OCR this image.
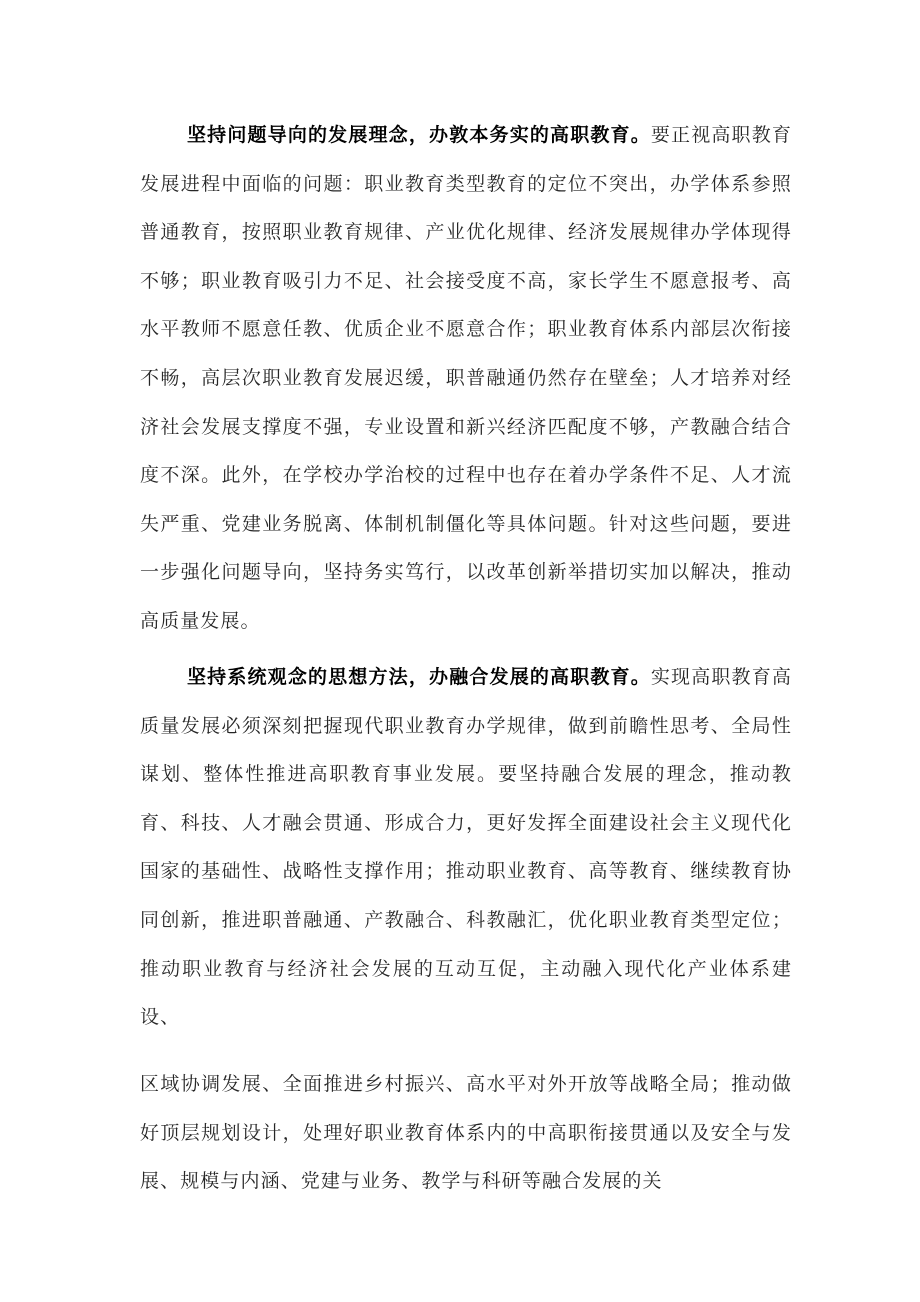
坚持问题导向的发展理念，办敦本务实的高职教育。要正视高职教育发展进程中面临的问题：职业教育类型教育的定位不突出，办学体系参照普通教育，按照职业教育规律、产业优化规律、经济发展规律办学体现得不够；职业教育吸引力不足、社会接受度不高，家长学生不愿意报考、高水平教师不愿意任教、优质企业不愿意合作；职业教育体系内部层次衔接不畅，高层次职业教育发展迟缓，职普融通仍然存在壁垒；人才培养对经济社会发展支撑度不强，专业设置和新兴经济匹配度不够，产教融合结合度不深。此外，在学校办学治校的过程中也存在着办学条件不足、人才流失严重、党建业务脱离、体制机制僵化等具体问题。针对这些问题，要进一步强化问题导向，坚持务实笃行，以改革创新举措切实加以解决，推动高质量发展。

坚持系统观念的思想方法，办融合发展的高职教育。实现高职教育高质量发展必须深刻把握现代职业教育办学规律，做到前瞻性思考、全局性谋划、整体性推进高职教育事业发展。要坚持融合发展的理念，推动教育、科技、人才融会贯通、形成合力，更好发挥全面建设社会主义现代化国家的基础性、战略性支撑作用；推动职业教育、高等教育、继续教育协同创新，推进职普融通、产教融合、科教融汇，优化职业教育类型定位；推动职业教育与经济社会发展的互动互促，主动融入现代化产业体系建设、

区域协调发展、全面推进乡村振兴、高水平对外开放等战略全局；推动做好顶层规划设计，处理好职业教育体系内的中高职衔接贯通以及安全与发展、规模与内涵、党建与业务、教学与科研等融合发展的关
